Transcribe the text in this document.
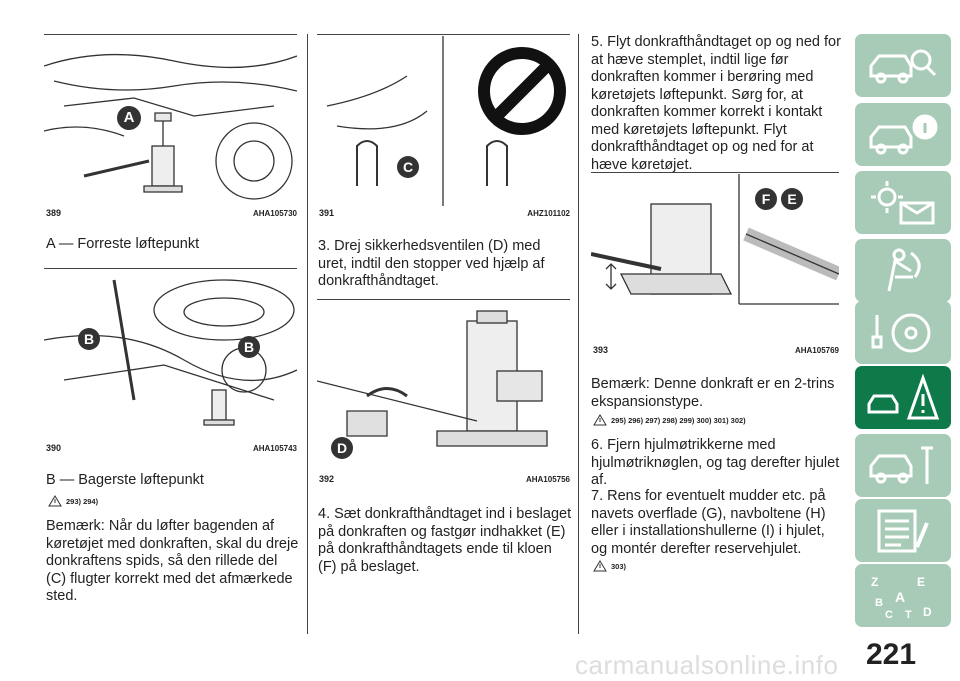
A
389	AHA105730
A — Forreste løftepunkt
B	B
390	AHA105743
B — Bagerste løftepunkt
293) 294)
Bemærk: Når du løfter bagenden af køretøjet med donkraften, skal du dreje donkraftens spids, så den rillede del (C) flugter korrekt med det afmærkede sted.
C
391	AHZ101102
3. Drej sikkerhedsventilen (D) med uret, indtil den stopper ved hjælp af donkrafthåndtaget.
D
392	AHA105756
4. Sæt donkrafthåndtaget ind i beslaget på donkraften og fastgør indhakket (E) på donkrafthåndtagets ende til kloen (F) på beslaget.
5. Flyt donkrafthåndtaget op og ned for at hæve stemplet, indtil lige før donkraften kommer i berøring med køretøjets løftepunkt. Sørg for, at donkraften kommer korrekt i kontakt med køretøjets løftepunkt. Flyt donkrafthåndtaget op og ned for at hæve køretøjet.
F	E
393	AHA105769
Bemærk: Denne donkraft er en 2-trins ekspansionstype.
295) 296) 297) 298) 299) 300) 301) 302)
6. Fjern hjulmøtrikkerne med hjulmøtriknøglen, og tag derefter hjulet af.
7. Rens for eventuelt mudder etc. på navets overflade (G), navboltene (H) eller i installationshullerne (I) i hjulet, og montér derefter reservehjulet.
303)
Z	E
A
B
C T D
carmanualsonline.info 221
